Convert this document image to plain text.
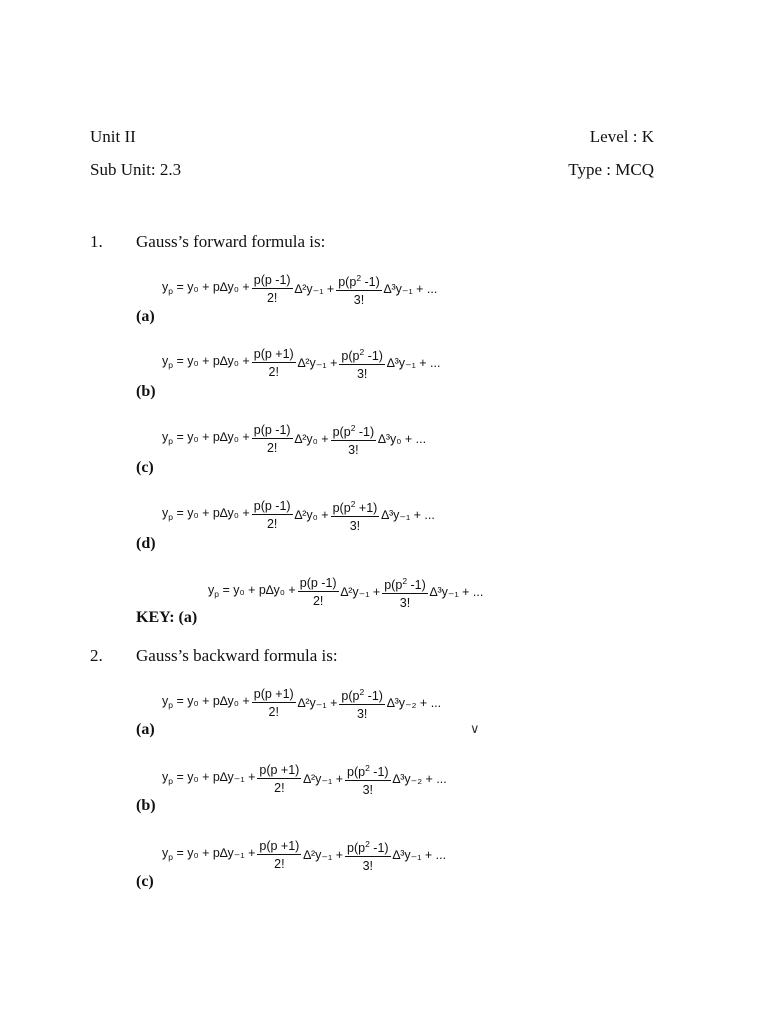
Unit II	Level : K
Sub Unit: 2.3	Type : MCQ
1. Gauss’s forward formula is:
$y_p = y_0 + p\Delta y_0 + \frac{p(p -1)}{2!} \Delta^2y_{-1} + \frac{p(p^2 -1)}{3!} \Delta^3y_{-1}$ + ...
(a)
$y_p = y_0 + p\Delta y_0 + \frac{p(p +1)}{2!} \Delta^2y_{-1} + \frac{p(p^2 -1)}{3!} \Delta^3y_{-1}$ + ...
(b)
$y_p = y_0 + p\Delta y_0 + \frac{p(p -1)}{2!} \Delta^2y_0 + \frac{p(p^2 -1)}{3!} \Delta^3y_0$ + ...
(c)
$y_p = y_0 + p\Delta y_0 + \frac{p(p -1)}{2!} \Delta^2y_0 + \frac{p(p^2 +1)}{3!} \Delta^3y_{-1}$ + ...
(d)
$y_p = y_0 + p\Delta y_0 + \frac{p(p -1)}{2!} \Delta^2y_{-1} + \frac{p(p^2 -1)}{3!} \Delta^3y_{-1}$ + ...
KEY: (a)
2. Gauss’s backward formula is:
$y_p = y_0 + p\Delta y_0 + \frac{p(p +1)}{2!} \Delta^2y_{-1} + \frac{p(p^2 -1)}{3!} \Delta^3y_{-2}$ + ...
(a)	∨
$y_p = y_0 + p\Delta y_{-1} + \frac{p(p +1)}{2!} \Delta^2y_{-1} + \frac{p(p^2 -1)}{3!} \Delta^3y_{-2}$ + ...
(b)
$y_p = y_0 + p\Delta y_{-1} + \frac{p(p +1)}{2!} \Delta^2y_{-1} + \frac{p(p^2 -1)}{3!} \Delta^3y_{-1}$ + ...
(c)
